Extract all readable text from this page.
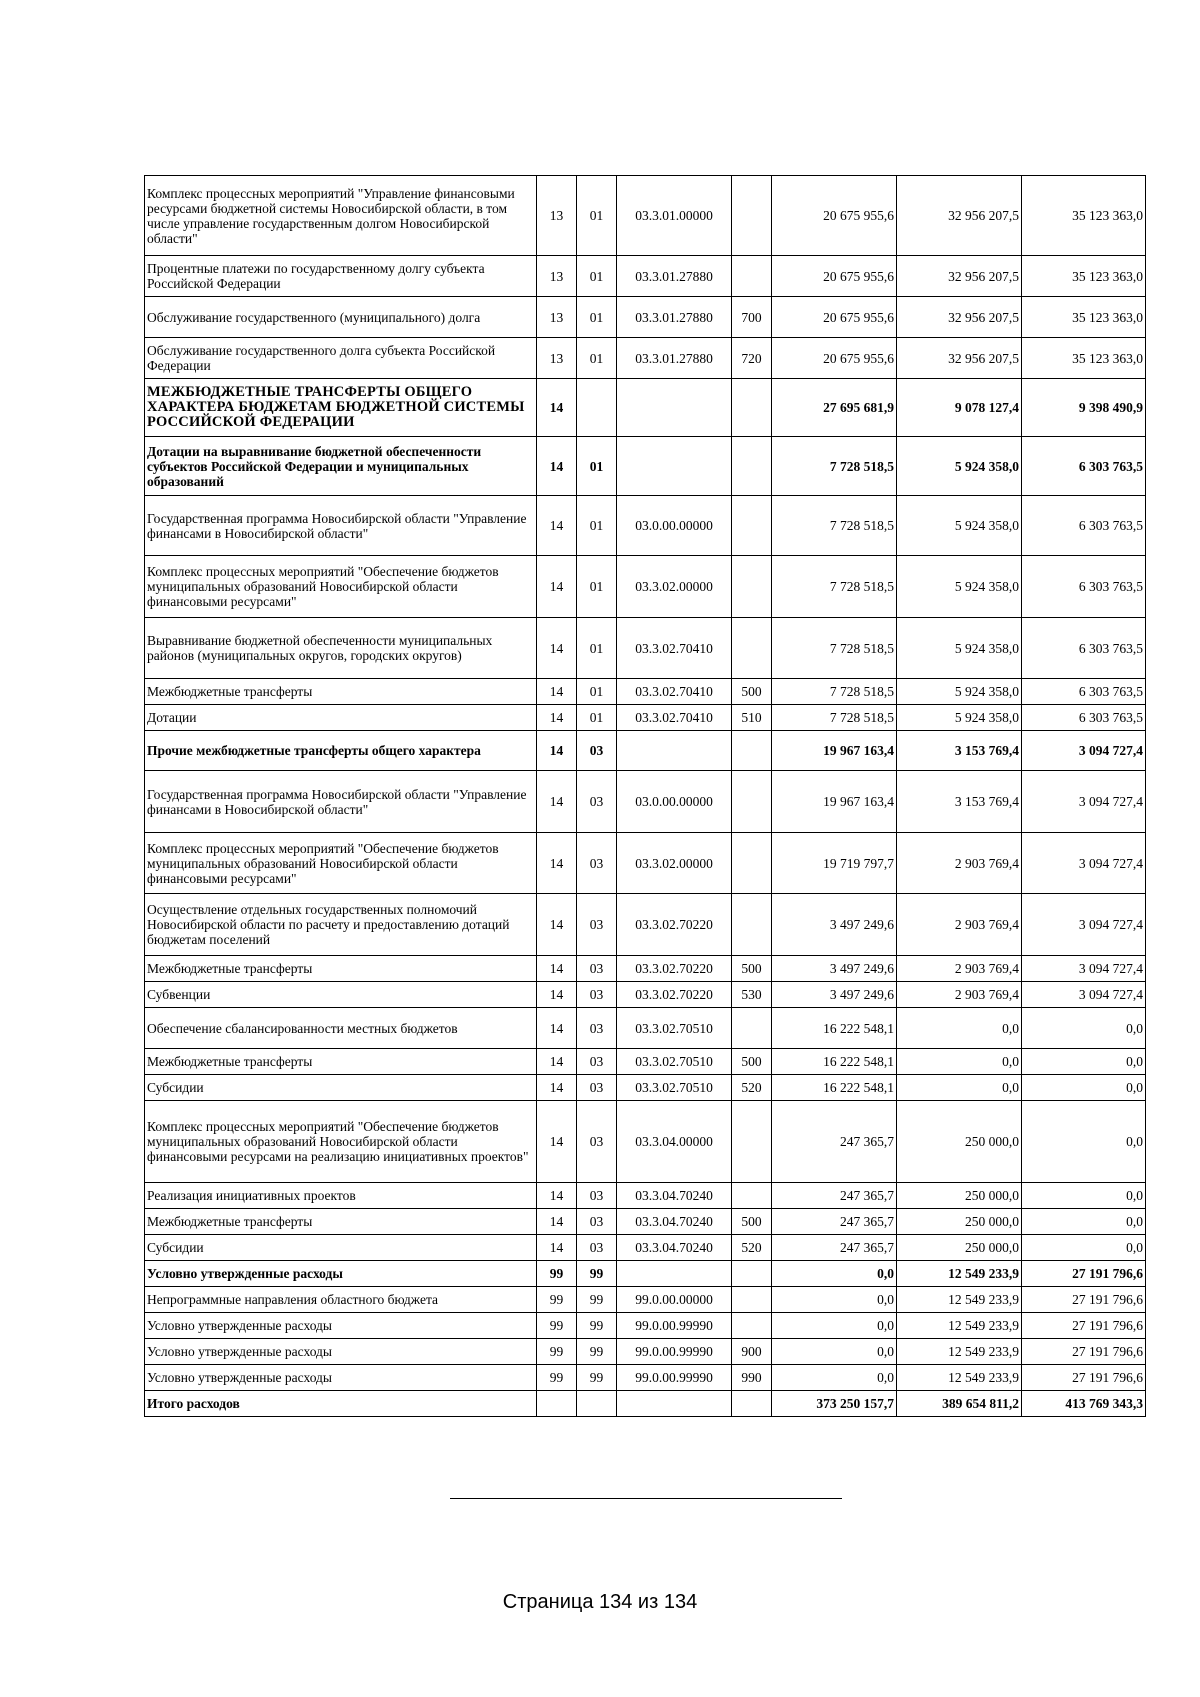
Комплекс процессных мероприятий "Управление финансовыми ресурсами бюджетной системы Новосибирской области, в том числе управление государственным долгом Новосибирской области"	13	01	03.3.01.00000		20 675 955,6	32 956 207,5	35 123 363,0
Процентные платежи по государственному долгу субъекта Российской Федерации	13	01	03.3.01.27880		20 675 955,6	32 956 207,5	35 123 363,0
Обслуживание государственного (муниципального) долга	13	01	03.3.01.27880	700	20 675 955,6	32 956 207,5	35 123 363,0
Обслуживание государственного долга субъекта Российской Федерации	13	01	03.3.01.27880	720	20 675 955,6	32 956 207,5	35 123 363,0
МЕЖБЮДЖЕТНЫЕ ТРАНСФЕРТЫ ОБЩЕГО ХАРАКТЕРА БЮДЖЕТАМ БЮДЖЕТНОЙ СИСТЕМЫ РОССИЙСКОЙ ФЕДЕРАЦИИ	14				27 695 681,9	9 078 127,4	9 398 490,9
Дотации на выравнивание бюджетной обеспеченности субъектов Российской Федерации и муниципальных образований	14	01			7 728 518,5	5 924 358,0	6 303 763,5
Государственная программа Новосибирской области "Управление финансами в Новосибирской области"	14	01	03.0.00.00000		7 728 518,5	5 924 358,0	6 303 763,5
Комплекс процессных мероприятий "Обеспечение бюджетов муниципальных образований Новосибирской области финансовыми ресурсами"	14	01	03.3.02.00000		7 728 518,5	5 924 358,0	6 303 763,5
Выравнивание бюджетной обеспеченности муниципальных районов (муниципальных округов, городских округов)	14	01	03.3.02.70410		7 728 518,5	5 924 358,0	6 303 763,5
Межбюджетные трансферты	14	01	03.3.02.70410	500	7 728 518,5	5 924 358,0	6 303 763,5
Дотации	14	01	03.3.02.70410	510	7 728 518,5	5 924 358,0	6 303 763,5
Прочие межбюджетные трансферты общего характера	14	03			19 967 163,4	3 153 769,4	3 094 727,4
Государственная программа Новосибирской области "Управление финансами в Новосибирской области"	14	03	03.0.00.00000		19 967 163,4	3 153 769,4	3 094 727,4
Комплекс процессных мероприятий "Обеспечение бюджетов муниципальных образований Новосибирской области финансовыми ресурсами"	14	03	03.3.02.00000		19 719 797,7	2 903 769,4	3 094 727,4
Осуществление отдельных государственных полномочий Новосибирской области по расчету и предоставлению дотаций бюджетам поселений	14	03	03.3.02.70220		3 497 249,6	2 903 769,4	3 094 727,4
Межбюджетные трансферты	14	03	03.3.02.70220	500	3 497 249,6	2 903 769,4	3 094 727,4
Субвенции	14	03	03.3.02.70220	530	3 497 249,6	2 903 769,4	3 094 727,4
Обеспечение сбалансированности местных бюджетов	14	03	03.3.02.70510		16 222 548,1	0,0	0,0
Межбюджетные трансферты	14	03	03.3.02.70510	500	16 222 548,1	0,0	0,0
Субсидии	14	03	03.3.02.70510	520	16 222 548,1	0,0	0,0
Комплекс процессных мероприятий "Обеспечение бюджетов муниципальных образований Новосибирской области финансовыми ресурсами на реализацию инициативных проектов"	14	03	03.3.04.00000		247 365,7	250 000,0	0,0
Реализация инициативных проектов	14	03	03.3.04.70240		247 365,7	250 000,0	0,0
Межбюджетные трансферты	14	03	03.3.04.70240	500	247 365,7	250 000,0	0,0
Субсидии	14	03	03.3.04.70240	520	247 365,7	250 000,0	0,0
Условно утвержденные расходы	99	99			0,0	12 549 233,9	27 191 796,6
Непрограммные направления областного бюджета	99	99	99.0.00.00000		0,0	12 549 233,9	27 191 796,6
Условно утвержденные расходы	99	99	99.0.00.99990		0,0	12 549 233,9	27 191 796,6
Условно утвержденные расходы	99	99	99.0.00.99990	900	0,0	12 549 233,9	27 191 796,6
Условно утвержденные расходы	99	99	99.0.00.99990	990	0,0	12 549 233,9	27 191 796,6
Итого расходов					373 250 157,7	389 654 811,2	413 769 343,3
Страница 134 из 134
